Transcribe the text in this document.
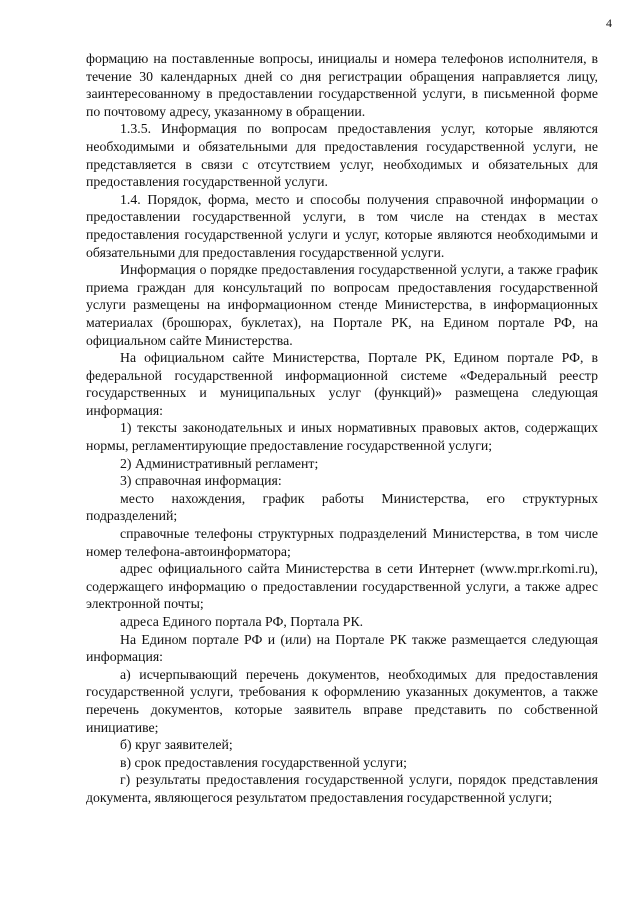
4

формацию на поставленные вопросы, инициалы и номера телефонов исполнителя, в течение 30 календарных дней со дня регистрации обращения направляется лицу, заинтересованному в предоставлении государственной услуги, в письменной форме по почтовому адресу, указанному в обращении.

1.3.5. Информация по вопросам предоставления услуг, которые являются необходимыми и обязательными для предоставления государственной услуги, не представляется в связи с отсутствием услуг, необходимых и обязательных для предоставления государственной услуги.

1.4. Порядок, форма, место и способы получения справочной информации о предоставлении государственной услуги, в том числе на стендах в местах предоставления государственной услуги и услуг, которые являются необходимыми и обязательными для предоставления государственной услуги.

Информация о порядке предоставления государственной услуги, а также график приема граждан для консультаций по вопросам предоставления государственной услуги размещены на информационном стенде Министерства, в информационных материалах (брошюрах, буклетах), на Портале РК, на Едином портале РФ, на официальном сайте Министерства.

На официальном сайте Министерства, Портале РК, Едином портале РФ, в федеральной государственной информационной системе «Федеральный реестр государственных и муниципальных услуг (функций)» размещена следующая информация:

1) тексты законодательных и иных нормативных правовых актов, содержащих нормы, регламентирующие предоставление государственной услуги;

2) Административный регламент;

3) справочная информация:

место нахождения, график работы Министерства, его структурных подразделений;

справочные телефоны структурных подразделений Министерства, в том числе номер телефона-автоинформатора;

адрес официального сайта Министерства в сети Интернет (www.mpr.rkomi.ru), содержащего информацию о предоставлении государственной услуги, а также адрес электронной почты;

адреса Единого портала РФ, Портала РК.

На Едином портале РФ и (или) на Портале РК также размещается следующая информация:

а) исчерпывающий перечень документов, необходимых для предоставления государственной услуги, требования к оформлению указанных документов, а также перечень документов, которые заявитель вправе представить по собственной инициативе;

б) круг заявителей;

в) срок предоставления государственной услуги;

г) результаты предоставления государственной услуги, порядок представления документа, являющегося результатом предоставления государственной услуги;
